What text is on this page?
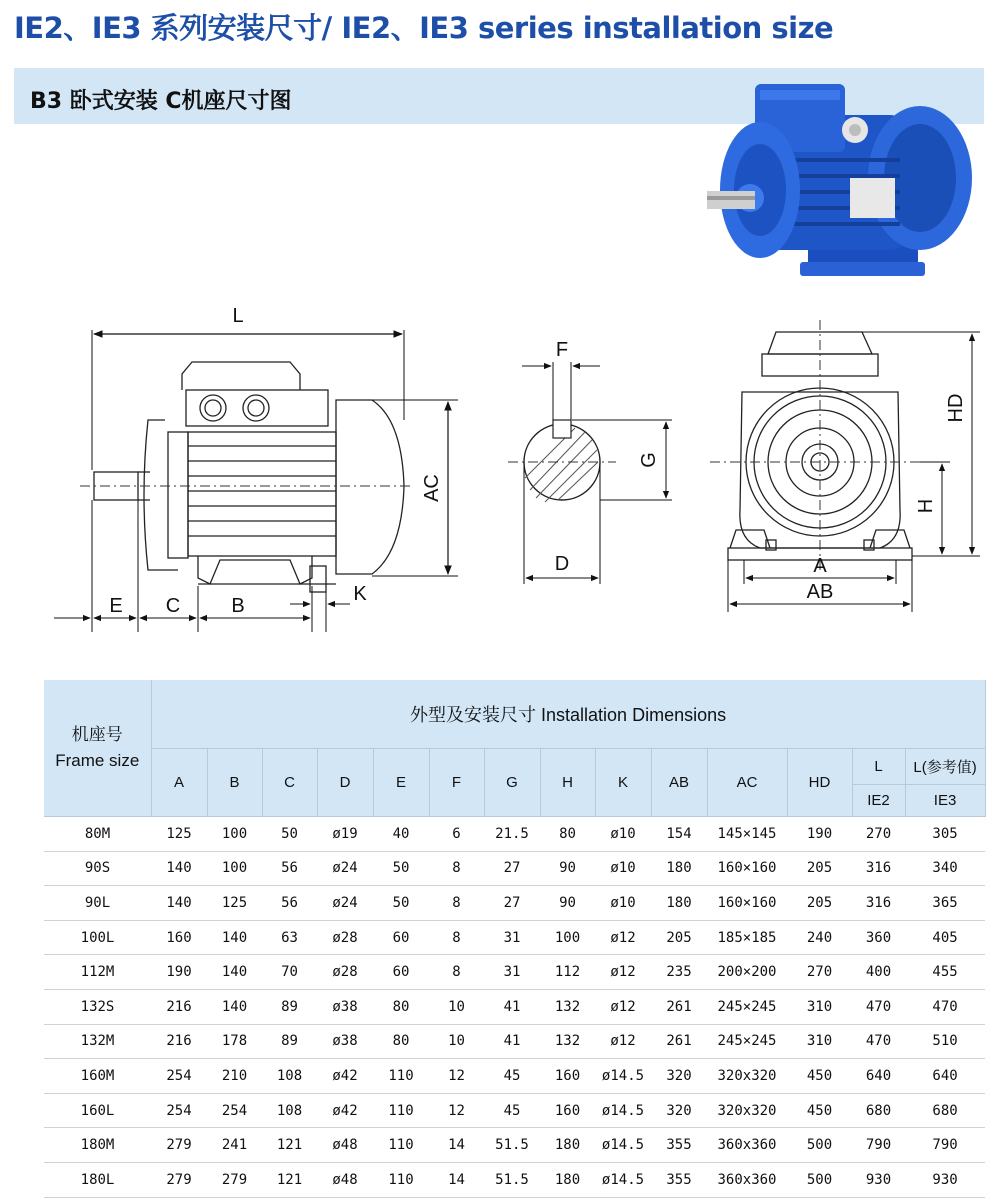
IE2、IE3 系列安装尺寸/ IE2、IE3 series installation size
B3 卧式安装 C机座尺寸图
L
AC
E C	B
K
F
G
D
HD
H
A
AB
机座号
Frame size	外型及安装尺寸 Installation Dimensions													
	A	B	C	D	E	F	G	H	K	AB	AC	HD	L	L(参考值)
													IE2	IE3
80M	125	100	50	ø19	40	6	21.5	80	ø10	154	145×145	190	270	305
90S	140	100	56	ø24	50	8	27	90	ø10	180	160×160	205	316	340
90L	140	125	56	ø24	50	8	27	90	ø10	180	160×160	205	316	365
100L	160	140	63	ø28	60	8	31	100	ø12	205	185×185	240	360	405
112M	190	140	70	ø28	60	8	31	112	ø12	235	200×200	270	400	455
132S	216	140	89	ø38	80	10	41	132	ø12	261	245×245	310	470	470
132M	216	178	89	ø38	80	10	41	132	ø12	261	245×245	310	470	510
160M	254	210	108	ø42	110	12	45	160	ø14.5	320	320x320	450	640	640
160L	254	254	108	ø42	110	12	45	160	ø14.5	320	320x320	450	680	680
180M	279	241	121	ø48	110	14	51.5	180	ø14.5	355	360x360	500	790	790
180L	279	279	121	ø48	110	14	51.5	180	ø14.5	355	360x360	500	930	930
